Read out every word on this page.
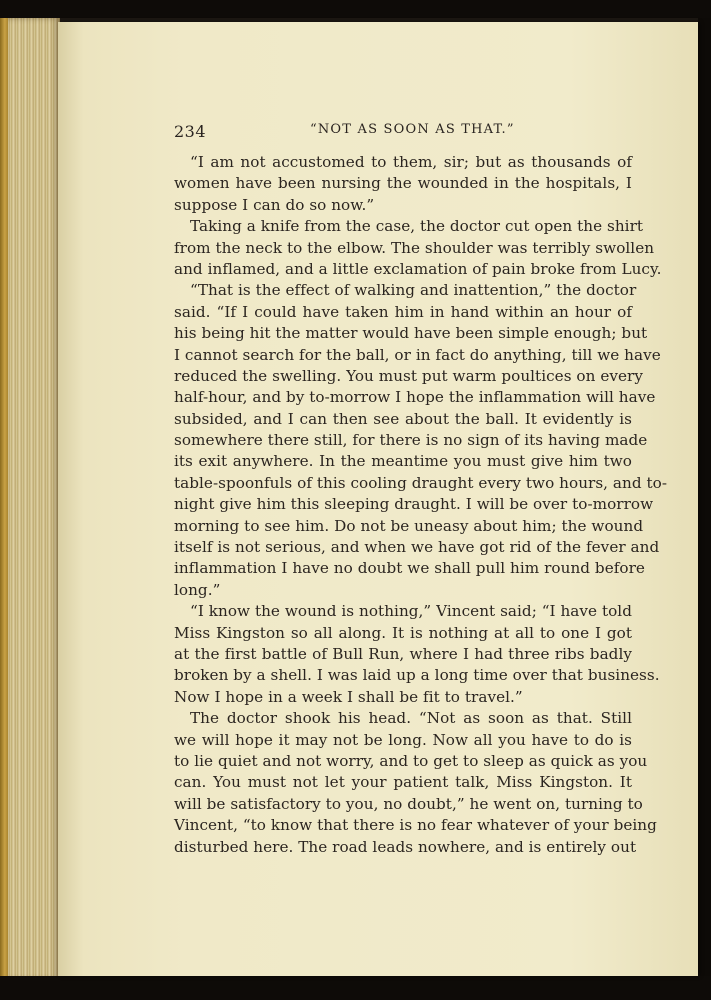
234	“NOT AS SOON AS THAT.”
“I am not accustomed to them, sir; but as thousands of
women have been nursing the wounded in the hospitals, I
suppose I can do so now.”
Taking a knife from the case, the doctor cut open the shirt
from the neck to the elbow. The shoulder was terribly swollen
and inflamed, and a little exclamation of pain broke from Lucy.
“That is the effect of walking and inattention,” the doctor
said. “If I could have taken him in hand within an hour of
his being hit the matter would have been simple enough; but
I cannot search for the ball, or in fact do anything, till we have
reduced the swelling. You must put warm poultices on every
half-hour, and by to-morrow I hope the inflammation will have
subsided, and I can then see about the ball. It evidently is
somewhere there still, for there is no sign of its having made
its exit anywhere. In the meantime you must give him two
table-spoonfuls of this cooling draught every two hours, and to-
night give him this sleeping draught. I will be over to-morrow
morning to see him. Do not be uneasy about him; the wound
itself is not serious, and when we have got rid of the fever and
inflammation I have no doubt we shall pull him round before
long.”
“I know the wound is nothing,” Vincent said; “I have told
Miss Kingston so all along. It is nothing at all to one I got
at the first battle of Bull Run, where I had three ribs badly
broken by a shell. I was laid up a long time over that business.
Now I hope in a week I shall be fit to travel.”
The doctor shook his head. “Not as soon as that. Still
we will hope it may not be long. Now all you have to do is
to lie quiet and not worry, and to get to sleep as quick as you
can. You must not let your patient talk, Miss Kingston. It
will be satisfactory to you, no doubt,” he went on, turning to
Vincent, “to know that there is no fear whatever of your being
disturbed here. The road leads nowhere, and is entirely out
